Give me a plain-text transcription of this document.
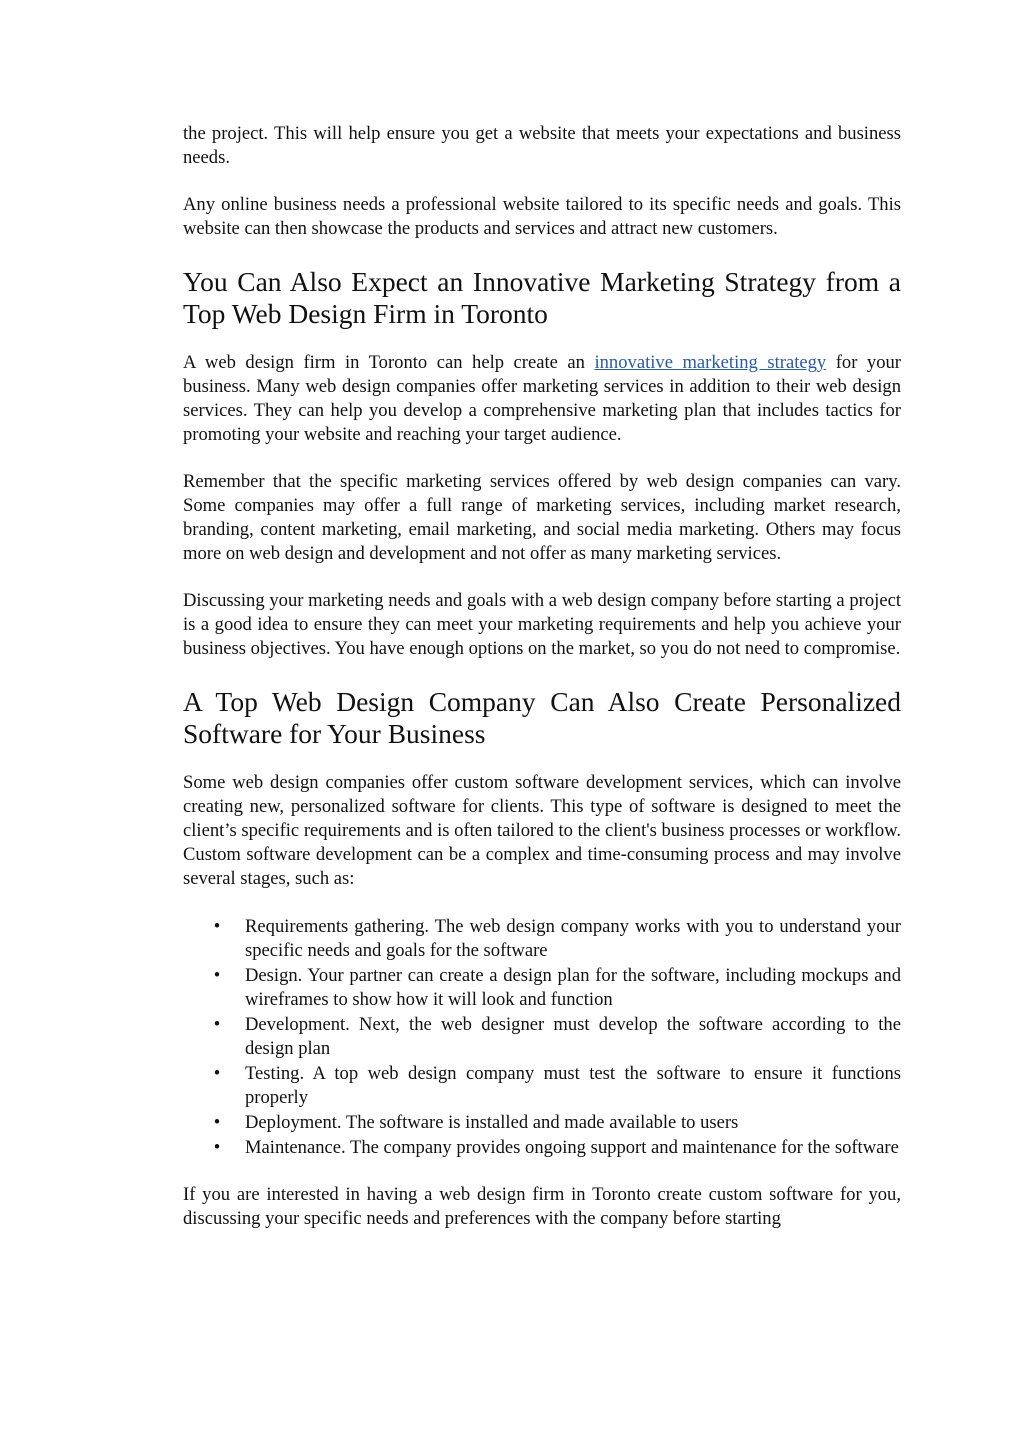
the project. This will help ensure you get a website that meets your expectations and business needs.

Any online business needs a professional website tailored to its specific needs and goals. This website can then showcase the products and services and attract new customers.

You Can Also Expect an Innovative Marketing Strategy from a Top Web Design Firm in Toronto

A web design firm in Toronto can help create an innovative marketing strategy for your business. Many web design companies offer marketing services in addition to their web design services. They can help you develop a comprehensive marketing plan that includes tactics for promoting your website and reaching your target audience.

Remember that the specific marketing services offered by web design companies can vary. Some companies may offer a full range of marketing services, including market research, branding, content marketing, email marketing, and social media marketing. Others may focus more on web design and development and not offer as many marketing services.

Discussing your marketing needs and goals with a web design company before starting a project is a good idea to ensure they can meet your marketing requirements and help you achieve your business objectives. You have enough options on the market, so you do not need to compromise.

A Top Web Design Company Can Also Create Personalized Software for Your Business

Some web design companies offer custom software development services, which can involve creating new, personalized software for clients. This type of software is designed to meet the client’s specific requirements and is often tailored to the client's business processes or workflow. Custom software development can be a complex and time-consuming process and may involve several stages, such as:

• Requirements gathering. The web design company works with you to understand your specific needs and goals for the software
• Design. Your partner can create a design plan for the software, including mockups and wireframes to show how it will look and function
• Development. Next, the web designer must develop the software according to the design plan
• Testing. A top web design company must test the software to ensure it functions properly
• Deployment. The software is installed and made available to users
• Maintenance. The company provides ongoing support and maintenance for the software

If you are interested in having a web design firm in Toronto create custom software for you, discussing your specific needs and preferences with the company before starting
